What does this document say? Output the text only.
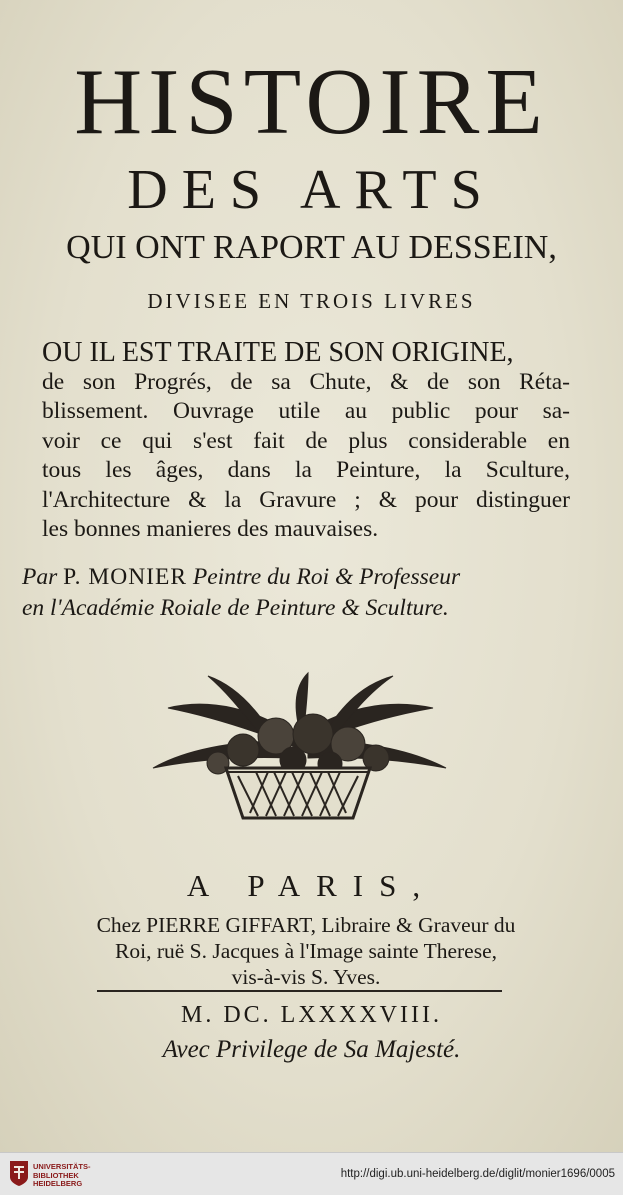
HISTOIRE
DES ARTS
QUI ONT RAPORT AU DESSEIN,
DIVISEE EN TROIS LIVRES
OU IL EST TRAITE DE SON ORIGINE,
de son Progrés, de sa Chute, & de son Réta-
blissement. Ouvrage utile au public pour sa-
voir ce qui s'est fait de plus considerable en
tous les âges, dans la Peinture, la Sculture,
l'Architecture & la Gravure ; & pour distinguer
les bonnes manieres des mauvaises.
Par P. MONIER Peintre du Roi & Professeur
en l'Académie Roiale de Peinture & Sculture.
A PARIS,
Chez PIERRE GIFFART, Libraire & Graveur du
Roi, ruë S. Jacques à l'Image sainte Therese,
vis-à-vis S. Yves.
M. DC. LXXXXVIII.
Avec Privilege de Sa Majesté.
UNIVERSITÄTS-
BIBLIOTHEK
HEIDELBERG
http://digi.ub.uni-heidelberg.de/diglit/monier1696/0005
